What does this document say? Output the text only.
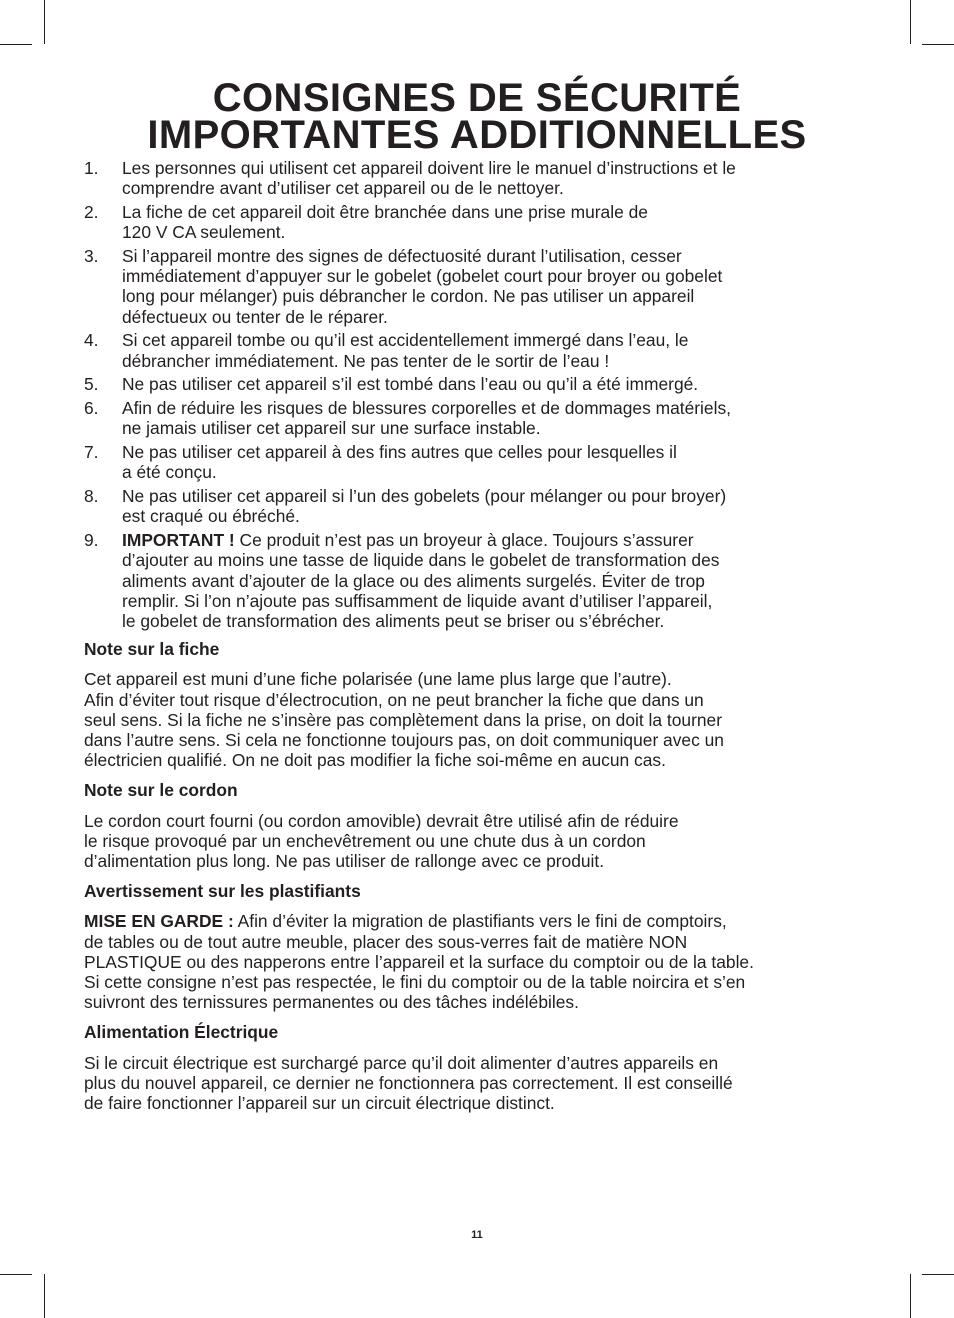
CONSIGNES DE SÉCURITÉ
IMPORTANTES ADDITIONNELLES
1.	Les personnes qui utilisent cet appareil doivent lire le manuel d’instructions et le
comprendre avant d’utiliser cet appareil ou de le nettoyer.
2.	La fiche de cet appareil doit être branchée dans une prise murale de
120 V CA seulement.
3.	Si l’appareil montre des signes de défectuosité durant l’utilisation, cesser
immédiatement d’appuyer sur le gobelet (gobelet court pour broyer ou gobelet
long pour mélanger) puis débrancher le cordon. Ne pas utiliser un appareil
défectueux ou tenter de le réparer.
4.	Si cet appareil tombe ou qu’il est accidentellement immergé dans l’eau, le
débrancher immédiatement. Ne pas tenter de le sortir de l’eau !
5.	Ne pas utiliser cet appareil s’il est tombé dans l’eau ou qu’il a été immergé.
6.	Afin de réduire les risques de blessures corporelles et de dommages matériels,
ne jamais utiliser cet appareil sur une surface instable.
7.	Ne pas utiliser cet appareil à des fins autres que celles pour lesquelles il
a été conçu.
8.	Ne pas utiliser cet appareil si l’un des gobelets (pour mélanger ou pour broyer)
est craqué ou ébréché.
9.	IMPORTANT ! Ce produit n’est pas un broyeur à glace. Toujours s’assurer
d’ajouter au moins une tasse de liquide dans le gobelet de transformation des
aliments avant d’ajouter de la glace ou des aliments surgelés. Éviter de trop
remplir. Si l’on n’ajoute pas suffisamment de liquide avant d’utiliser l’appareil,
le gobelet de transformation des aliments peut se briser ou s’ébrécher.
Note sur la fiche
Cet appareil est muni d’une fiche polarisée (une lame plus large que l’autre).
Afin d’éviter tout risque d’électrocution, on ne peut brancher la fiche que dans un
seul sens. Si la fiche ne s’insère pas complètement dans la prise, on doit la tourner
dans l’autre sens. Si cela ne fonctionne toujours pas, on doit communiquer avec un
électricien qualifié. On ne doit pas modifier la fiche soi-même en aucun cas.
Note sur le cordon
Le cordon court fourni (ou cordon amovible) devrait être utilisé afin de réduire
le risque provoqué par un enchevêtrement ou une chute dus à un cordon
d’alimentation plus long. Ne pas utiliser de rallonge avec ce produit.
Avertissement sur les plastifiants
MISE EN GARDE : Afin d’éviter la migration de plastifiants vers le fini de comptoirs,
de tables ou de tout autre meuble, placer des sous-verres fait de matière NON
PLASTIQUE ou des napperons entre l’appareil et la surface du comptoir ou de la table.
Si cette consigne n’est pas respectée, le fini du comptoir ou de la table noircira et s’en
suivront des ternissures permanentes ou des tâches indélébiles.
Alimentation Électrique
Si le circuit électrique est surchargé parce qu’il doit alimenter d’autres appareils en
plus du nouvel appareil, ce dernier ne fonctionnera pas correctement. Il est conseillé
de faire fonctionner l’appareil sur un circuit électrique distinct.
11
